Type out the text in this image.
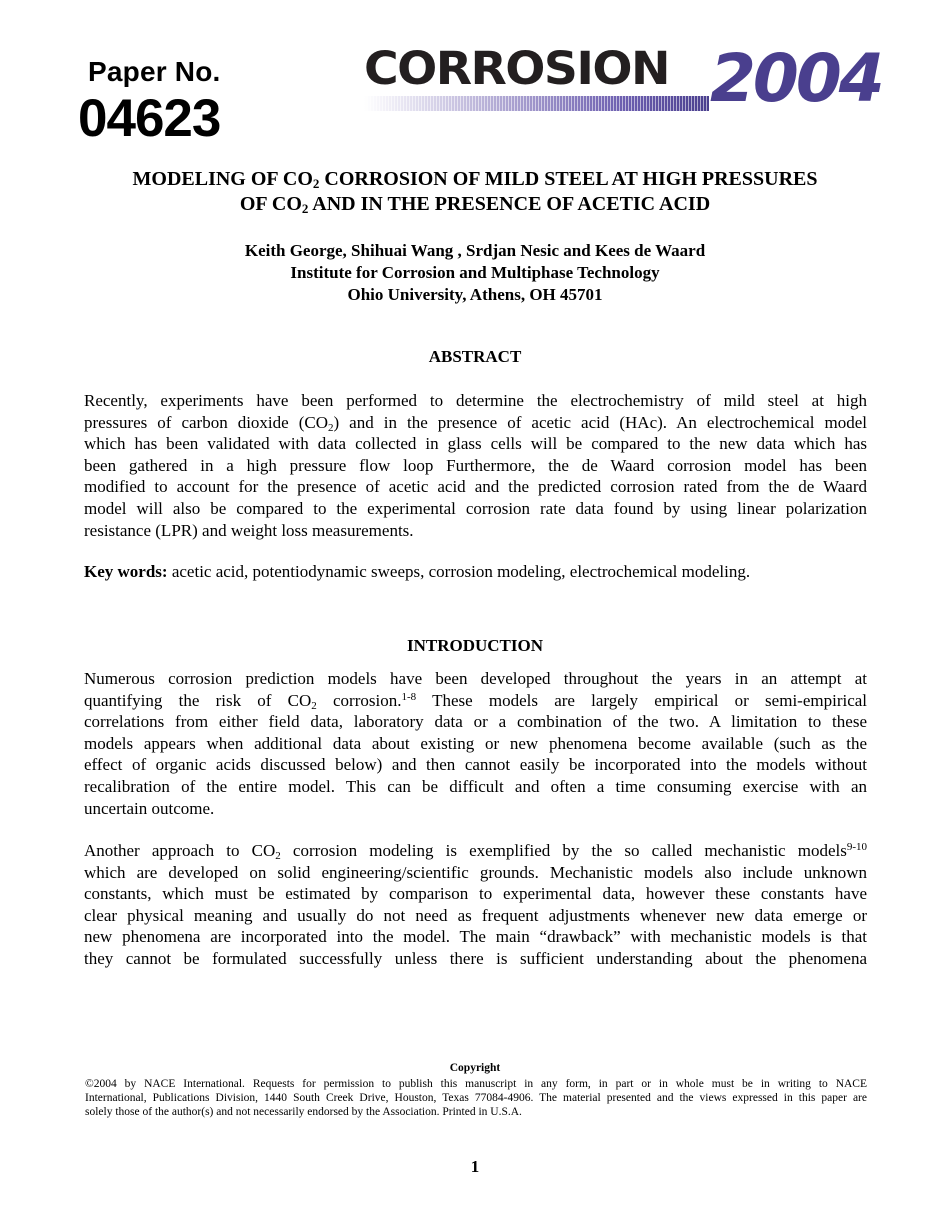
Paper No.
04623
CORROSION 2004
MODELING OF $CO_2$ CORROSION OF MILD STEEL AT HIGH PRESSURES
OF $CO_2$ AND IN THE PRESENCE OF ACETIC ACID
Keith George, Shihuai Wang , Srdjan Nesic and Kees de Waard
Institute for Corrosion and Multiphase Technology
Ohio University, Athens, OH 45701
ABSTRACT
Recently, experiments have been performed to determine the electrochemistry of mild steel at high
pressures of carbon dioxide $(CO_2)$ and in the presence of acetic acid (HAc). An electrochemical model
which has been validated with data collected in glass cells will be compared to the new data which has
been gathered in a high pressure flow loop Furthermore, the de Waard corrosion model has been
modified to account for the presence of acetic acid and the predicted corrosion rated from the de Waard
model will also be compared to the experimental corrosion rate data found by using linear polarization
resistance (LPR) and weight loss measurements.
Key words: acetic acid, potentiodynamic sweeps, corrosion modeling, electrochemical modeling.
INTRODUCTION
Numerous corrosion prediction models have been developed throughout the years in an attempt at
quantifying the risk of $CO_2$ corrosion.$^{1-8}$ These models are largely empirical or semi-empirical
correlations from either field data, laboratory data or a combination of the two. A limitation to these
models appears when additional data about existing or new phenomena become available (such as the
effect of organic acids discussed below) and then cannot easily be incorporated into the models without
recalibration of the entire model. This can be difficult and often a time consuming exercise with an
uncertain outcome.
Another approach to $CO_2$ corrosion modeling is exemplified by the so called mechanistic models$^{9-10}$
which are developed on solid engineering/scientific grounds. Mechanistic models also include unknown
constants, which must be estimated by comparison to experimental data, however these constants have
clear physical meaning and usually do not need as frequent adjustments whenever new data emerge or
new phenomena are incorporated into the model. The main “drawback” with mechanistic models is that
they cannot be formulated successfully unless there is sufficient understanding about the phenomena
Copyright
©2004 by NACE International. Requests for permission to publish this manuscript in any form, in part or in whole must be in writing to NACE
International, Publications Division, 1440 South Creek Drive, Houston, Texas 77084-4906. The material presented and the views expressed in this paper are
solely those of the author(s) and not necessarily endorsed by the Association. Printed in U.S.A.
1
